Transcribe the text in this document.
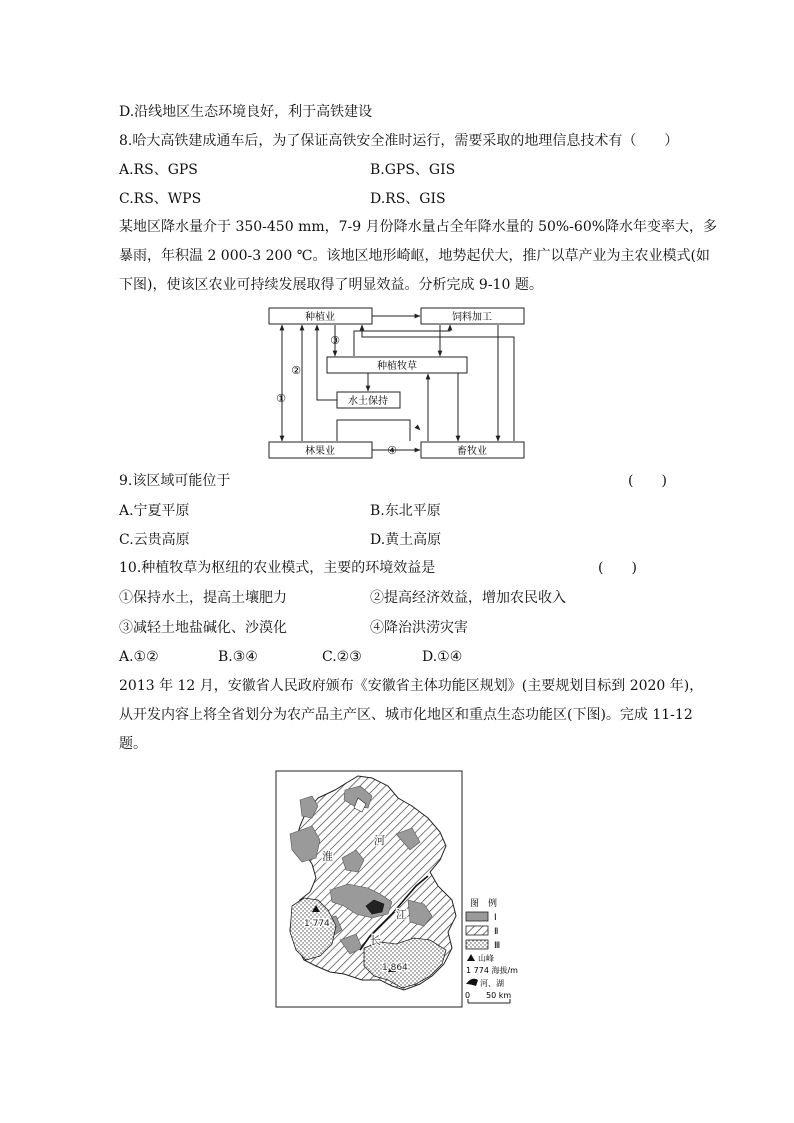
D.沿线地区生态环境良好，利于高铁建设
8.哈大高铁建成通车后，为了保证高铁安全准时运行，需要采取的地理信息技术有（　　）
A.RS、GPS	B.GPS、GIS
C.RS、WPS	D.RS、GIS
某地区降水量介于 350-450 mm，7-9 月份降水量占全年降水量的 50%-60%降水年变率大，多
暴雨，年积温 2 000-3 200 ℃。该地区地形崎岖，地势起伏大，推广以草产业为主农业模式(如
下图)，使该区农业可持续发展取得了明显效益。分析完成 9-10 题。
种植业	饲料加工
种植牧草
水土保持
林果业	畜牧业
①
②
③
④
9.该区域可能位于	(　　)
A.宁夏平原	B.东北平原
C.云贵高原	D.黄土高原
10.种植牧草为枢纽的农业模式，主要的环境效益是	(　　)
①保持水土，提高土壤肥力	②提高经济效益，增加农民收入
③减轻土地盐碱化、沙漠化	④降治洪涝灾害
A.①②	B.③④	C.②③	D.①④
2013 年 12 月，安徽省人民政府颁布《安徽省主体功能区规划》(主要规划目标到 2020 年)，
从开发内容上将全省划分为农产品主产区、城市化地区和重点生态功能区(下图)。完成 11-12
题。
淮
河
长
江
1 774
1 864
图　例
Ⅰ
Ⅱ
Ⅲ
山峰
1 774 海拔/m
河、湖
0 50 km
